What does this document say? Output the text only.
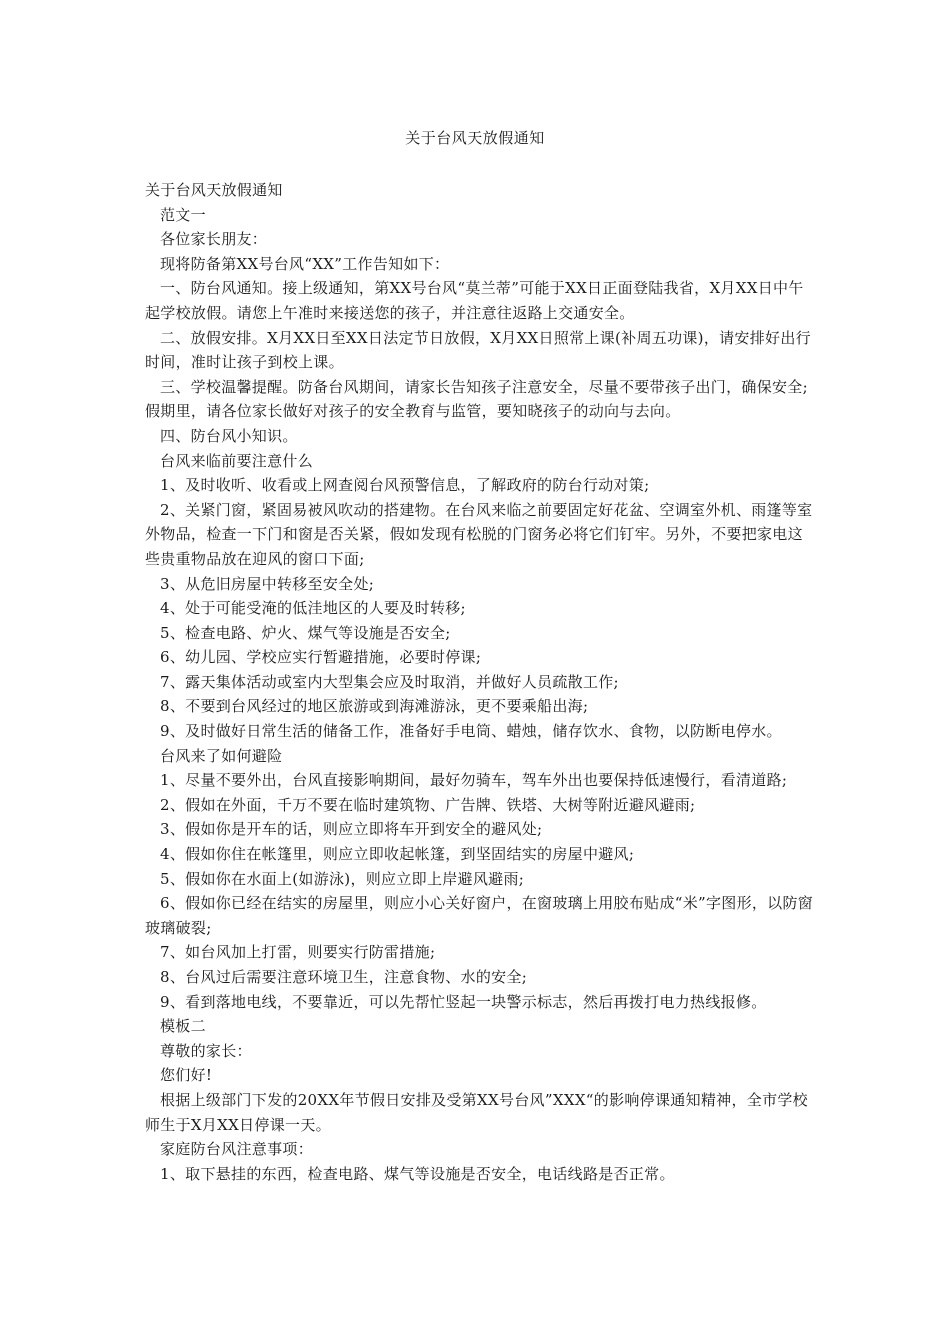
关于台风天放假通知

关于台风天放假通知

范文一

各位家长朋友：

现将防备第XX号台风“XX”工作告知如下：

一、防台风通知。接上级通知，第XX号台风“莫兰蒂”可能于XX日正面登陆我省，X月XX日中午起学校放假。请您上午准时来接送您的孩子，并注意往返路上交通安全。

二、放假安排。X月XX日至XX日法定节日放假，X月XX日照常上课(补周五功课)，请安排好出行时间，准时让孩子到校上课。

三、学校温馨提醒。防备台风期间，请家长告知孩子注意安全，尽量不要带孩子出门，确保安全;假期里，请各位家长做好对孩子的安全教育与监管，要知晓孩子的动向与去向。

四、防台风小知识。

台风来临前要注意什么

1、及时收听、收看或上网查阅台风预警信息，了解政府的防台行动对策;

2、关紧门窗，紧固易被风吹动的搭建物。在台风来临之前要固定好花盆、空调室外机、雨篷等室外物品，检查一下门和窗是否关紧，假如发现有松脱的门窗务必将它们钉牢。另外，不要把家电这些贵重物品放在迎风的窗口下面;

3、从危旧房屋中转移至安全处;

4、处于可能受淹的低洼地区的人要及时转移;

5、检查电路、炉火、煤气等设施是否安全;

6、幼儿园、学校应实行暂避措施，必要时停课;

7、露天集体活动或室内大型集会应及时取消，并做好人员疏散工作;

8、不要到台风经过的地区旅游或到海滩游泳，更不要乘船出海;

9、及时做好日常生活的储备工作，准备好手电筒、蜡烛，储存饮水、食物，以防断电停水。

台风来了如何避险

1、尽量不要外出，台风直接影响期间，最好勿骑车，驾车外出也要保持低速慢行，看清道路;

2、假如在外面，千万不要在临时建筑物、广告牌、铁塔、大树等附近避风避雨;

3、假如你是开车的话，则应立即将车开到安全的避风处;

4、假如你住在帐篷里，则应立即收起帐篷，到坚固结实的房屋中避风;

5、假如你在水面上(如游泳)，则应立即上岸避风避雨;

6、假如你已经在结实的房屋里，则应小心关好窗户，在窗玻璃上用胶布贴成“米”字图形，以防窗玻璃破裂;

7、如台风加上打雷，则要实行防雷措施;

8、台风过后需要注意环境卫生，注意食物、水的安全;

9、看到落地电线，不要靠近，可以先帮忙竖起一块警示标志，然后再拨打电力热线报修。

模板二

尊敬的家长：

您们好!

根据上级部门下发的20XX年节假日安排及受第XX号台风”XXX“的影响停课通知精神，全市学校师生于X月XX日停课一天。

家庭防台风注意事项：

1、取下悬挂的东西，检查电路、煤气等设施是否安全，电话线路是否正常。
